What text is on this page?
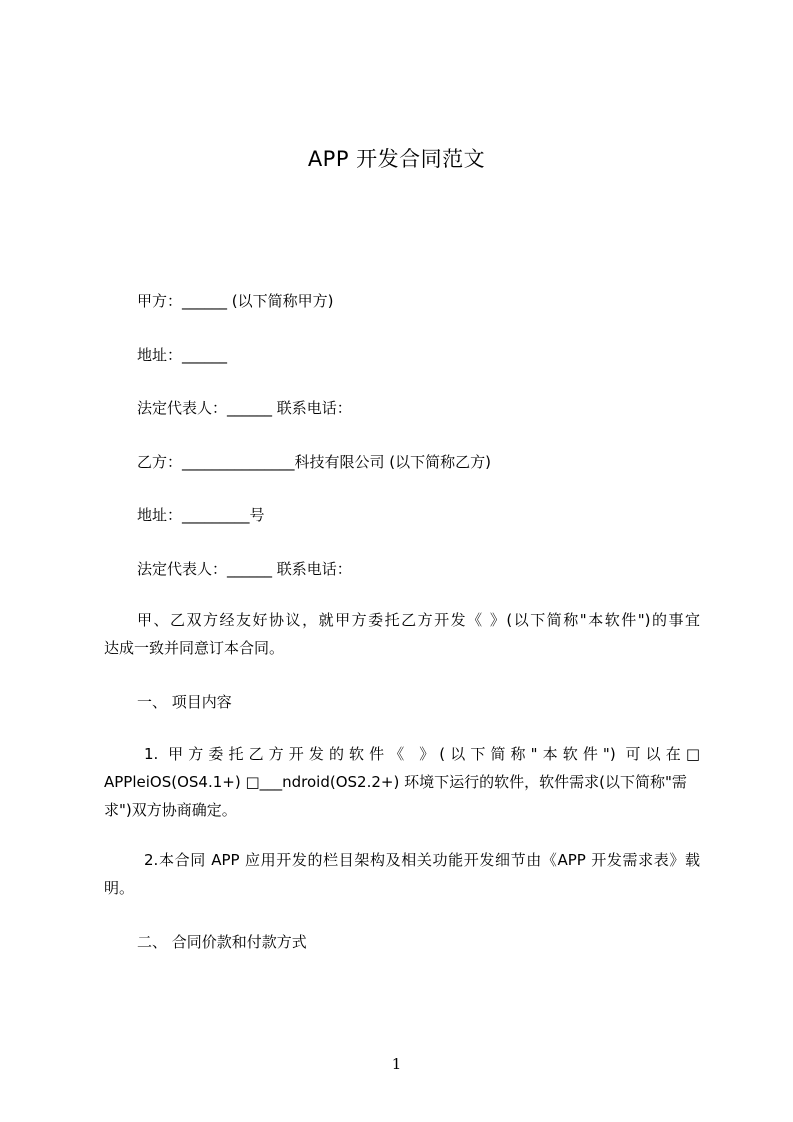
APP 开发合同范文
甲方：______ (以下简称甲方)
地址：______
法定代表人：______ 联系电话：
乙方：_______________科技有限公司 (以下简称乙方)
地址：_________号
法定代表人：______ 联系电话：
甲、乙双方经友好协议，就甲方委托乙方开发《 》(以下简称"本软件")的事宜
达成一致并同意订本合同。
一、 项目内容
1. 甲方委托乙方开发的软件《 》(以下简称"本软件") 可以在□
APPleiOS(OS4.1+) □___ndroid(OS2.2+) 环境下运行的软件，软件需求(以下简称"需
求")双方协商确定。
2.本合同 APP 应用开发的栏目架构及相关功能开发细节由《APP 开发需求表》载
明。
二、 合同价款和付款方式
1
